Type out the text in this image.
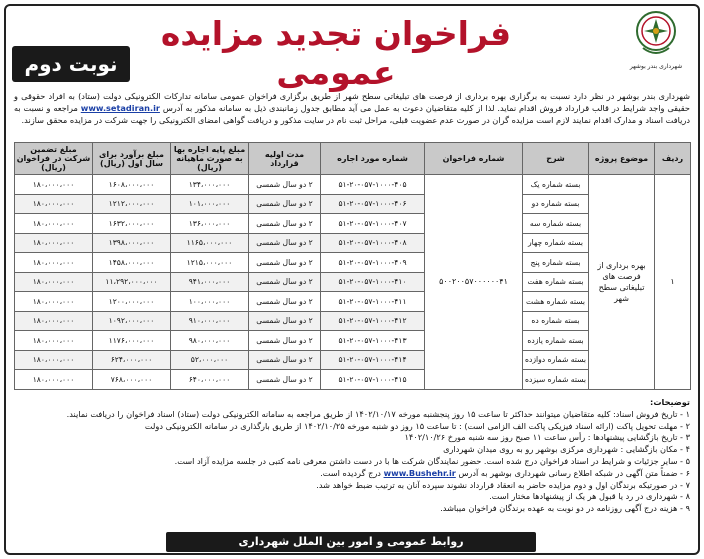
شهرداری بندر بوشهر
فراخوان تجدید مزایده عمومی
نوبت دوم
شهرداری بندر بوشهر در نظر دارد نسبت به برگزاری بهره برداری از فرصت های تبلیغاتی سطح شهر از طریق برگزاری فراخوان عمومی سامانه تدارکات الکترونیکی دولت (ستاد) به افراد حقوقی و حقیقی واجد شرایط در قالب قرارداد فروش اقدام نماید. لذا از کلیه متقاضیان دعوت به عمل می آید مطابق جدول زمانبندی ذیل به سامانه مذکور به آدرس www.setadiran.ir مراجعه و نسبت به دریافت اسناد و مدارک اقدام نمایند لازم است مزایده گران در صورت عدم عضویت قبلی، مراحل ثبت نام در سایت مذکور و دریافت گواهی امضای الکترونیکی را جهت شرکت در مزایده محقق سازند.
ردیف	موضوع پروژه	شرح	شماره فراخوان	شماره مورد اجاره	مدت اولیه قرارداد	مبلغ پایه اجاره بها به صورت ماهیانه (ریال)	مبلغ برآورد برای سال اول (ریال)	مبلغ تضمین شرکت در فراخوان (ریال)
۱	بهره برداری از فرصت های تبلیغاتی سطح شهر	بسته شماره یک	۵۰۰۲۰۰۵۷۰۰۰۰۰۰۴۱	۵۱-۲۰-۰۵۷-۱۰۰۰-۴۰۵	۲ دو سال شمسی	۱۳۴،۰۰۰،۰۰۰	۱۶۰۸،۰۰۰،۰۰۰	۱۸۰،۰۰۰،۰۰۰
		بسته شماره دو		۵۱-۲۰-۰۵۷-۱۰۰۰-۴۰۶	۲ دو سال شمسی	۱۰۱،۰۰۰،۰۰۰	۱۲۱۲،۰۰۰،۰۰۰	۱۸۰،۰۰۰،۰۰۰
		بسته شماره سه		۵۱-۲۰-۰۵۷-۱۰۰۰-۴۰۷	۲ دو سال شمسی	۱۳۶،۰۰۰،۰۰۰	۱۶۳۲،۰۰۰،۰۰۰	۱۸۰،۰۰۰،۰۰۰
		بسته شماره چهار		۵۱-۲۰-۰۵۷-۱۰۰۰-۴۰۸	۲ دو سال شمسی	۱۱۶۵،۰۰۰،۰۰۰	۱۳۹۸،۰۰۰،۰۰۰	۱۸۰،۰۰۰،۰۰۰
		بسته شماره پنج		۵۱-۲۰-۰۵۷-۱۰۰۰-۴۰۹	۲ دو سال شمسی	۱۲۱۵،۰۰۰،۰۰۰	۱۴۵۸،۰۰۰،۰۰۰	۱۸۰،۰۰۰،۰۰۰
		بسته شماره هفت		۵۱-۲۰-۰۵۷-۱۰۰۰-۴۱۰	۲ دو سال شمسی	۹۴۱،۰۰۰،۰۰۰	۱۱،۲۹۲،۰۰۰،۰۰۰	۱۸۰،۰۰۰،۰۰۰
		بسته شماره هشت		۵۱-۲۰-۰۵۷-۱۰۰۰-۴۱۱	۲ دو سال شمسی	۱۰۰،۰۰۰،۰۰۰	۱۲۰۰،۰۰۰،۰۰۰	۱۸۰،۰۰۰،۰۰۰
		بسته شماره ده		۵۱-۲۰-۰۵۷-۱۰۰۰-۴۱۲	۲ دو سال شمسی	۹۱۰،۰۰۰،۰۰۰	۱۰۹۲،۰۰۰،۰۰۰	۱۸۰،۰۰۰،۰۰۰
		بسته شماره یازده		۵۱-۲۰-۰۵۷-۱۰۰۰-۴۱۳	۲ دو سال شمسی	۹۸۰،۰۰۰،۰۰۰	۱۱۷۶،۰۰۰،۰۰۰	۱۸۰،۰۰۰،۰۰۰
		بسته شماره دوازده		۵۱-۲۰-۰۵۷-۱۰۰۰-۴۱۴	۲ دو سال شمسی	۵۲،۰۰۰،۰۰۰	۶۲۴،۰۰۰،۰۰۰	۱۸۰،۰۰۰،۰۰۰
		بسته شماره سیزده		۵۱-۲۰-۰۵۷-۱۰۰۰-۴۱۵	۲ دو سال شمسی	۶۴۰،۰۰۰،۰۰۰	۷۶۸،۰۰۰،۰۰۰	۱۸۰،۰۰۰،۰۰۰
توضیحات:
۱ - تاریخ فروش اسناد: کلیه متقاضیان میتوانند حداکثر تا ساعت ۱۵ روز پنجشنبه مورخه ۱۴۰۲/۱۰/۱۷ از طریق مراجعه به سامانه الکترونیکی دولت (ستاد) اسناد فراخوان را دریافت نمایند.
۲ - مهلت تحویل پاکت (ارائه اسناد فیزیکی پاکت الف الزامی است) : تا ساعت ۱۵ روز دو شنبه مورخه ۱۴۰۲/۱۰/۲۵ از طریق بارگذاری در سامانه الکترونیکی دولت
۳ - تاریخ بازگشایی پیشنهادها : رأس ساعت ۱۱ صبح روز سه شنبه مورخ ۱۴۰۲/۱۰/۲۶
۴ - مکان بازگشایی : شهرداری مرکزی بوشهر رو به روی میدان شهرداری
۵ - سایر جزئیات و شرایط در اسناد فراخوان درج شده است. حضور نمایندگان شرکت ها با در دست داشتن معرفی نامه کتبی در جلسه مزایده آزاد است.
۶ - ضمناً متن آگهی در شبکه اطلاع رسانی شهرداری بوشهر به آدرس www.Bushehr.ir درج گردیده است.
۷ - در صورتیکه برندگان اول و دوم مزایده حاضر به انعقاد قرارداد نشوند سپرده آنان به ترتیب ضبط خواهد شد.
۸ - شهرداری در رد یا قبول هر یک از پیشنهادها مختار است.
۹ - هزینه درج آگهی روزنامه در دو نوبت به عهده برندگان فراخوان میباشد.
روابط عمومی و امور بین الملل شهرداری
